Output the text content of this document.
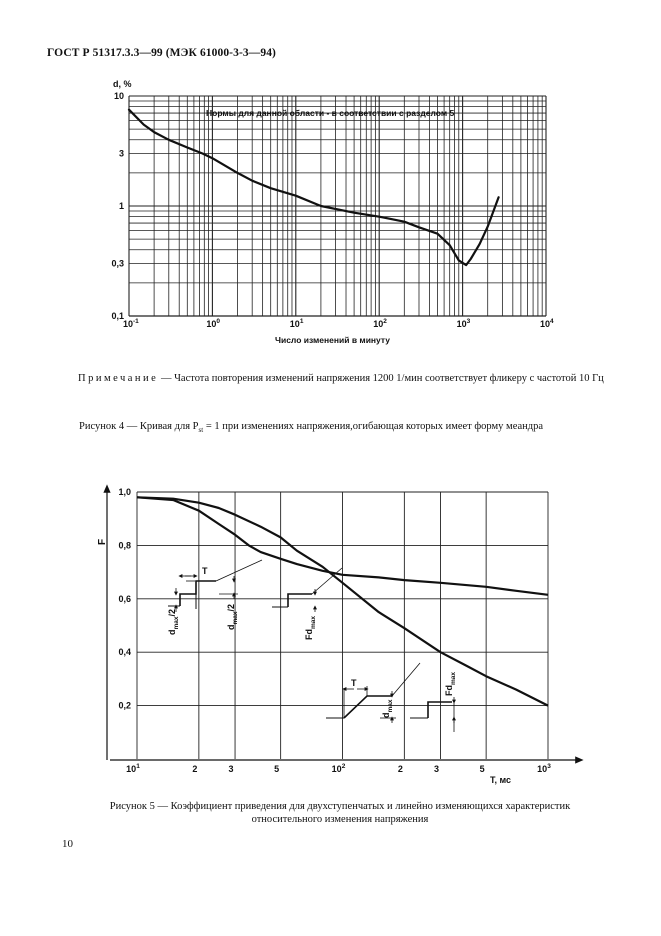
ГОСТ Р 51317.3.3—99 (МЭК 61000-3-3—94)
10
3
1
0,3
0,1
$10^{-1}$	$10^0$	$10^1$	$10^2$	$10^3$	$10^4$
Нормы для данной области - в соответствии с разделом 5
d, %
Число изменений в минуту
Примечание — Частота повторения изменений напряжения 1200 1/мин соответствует фликеру с частотой 10 Гц
Рисунок 4 — Кривая для $P_{st} = 1$ при изменениях напряжения,огибающая которых имеет форму меандра
1,0
0,8
0,6
0,4
0,2
$10^1$	2	3	5	$10^2$	2	3	5	$10^3$
F
T, мс
T
T
$d_{max}/2$
$d_{max}/2$
$Fd_{max}$
$d_{max}$
$Fd_{max}$
Рисунок 5 — Коэффициент приведения для двухступенчатых и линейно изменяющихся характеристик
относительного изменения напряжения
10
